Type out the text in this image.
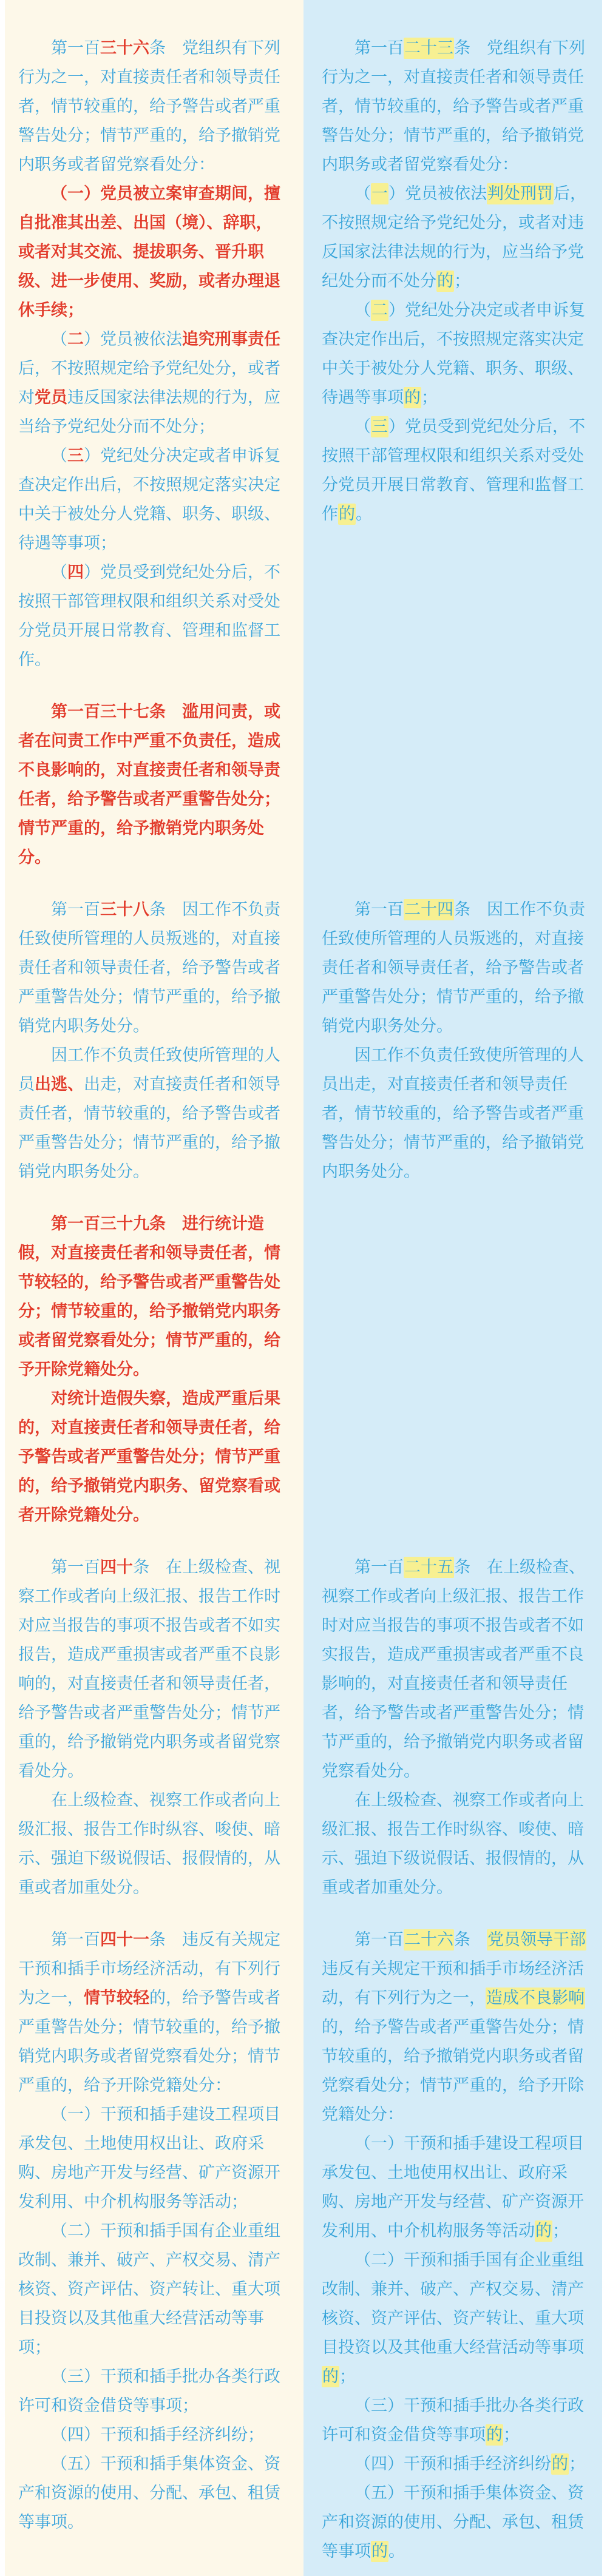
第一百三十六条　党组织有下列行为之一，对直接责任者和领导责任者，情节较重的，给予警告或者严重警告处分；情节严重的，给予撤销党内职务或者留党察看处分：

（一）党员被立案审查期间，擅自批准其出差、出国（境）、辞职，或者对其交流、提拔职务、晋升职级、进一步使用、奖励，或者办理退休手续；

（二）党员被依法追究刑事责任后，不按照规定给予党纪处分，或者对党员违反国家法律法规的行为，应当给予党纪处分而不处分；

（三）党纪处分决定或者申诉复查决定作出后，不按照规定落实决定中关于被处分人党籍、职务、职级、待遇等事项；

（四）党员受到党纪处分后，不按照干部管理权限和组织关系对受处分党员开展日常教育、管理和监督工作。

第一百二十三条　党组织有下列行为之一，对直接责任者和领导责任者，情节较重的，给予警告或者严重警告处分；情节严重的，给予撤销党内职务或者留党察看处分：

（一）党员被依法判处刑罚后，不按照规定给予党纪处分，或者对违反国家法律法规的行为，应当给予党纪处分而不处分的；

（二）党纪处分决定或者申诉复查决定作出后，不按照规定落实决定中关于被处分人党籍、职务、职级、待遇等事项的；

（三）党员受到党纪处分后，不按照干部管理权限和组织关系对受处分党员开展日常教育、管理和监督工作的。

第一百三十七条　滥用问责，或者在问责工作中严重不负责任，造成不良影响的，对直接责任者和领导责任者，给予警告或者严重警告处分；情节严重的，给予撤销党内职务处分。

第一百三十八条　因工作不负责任致使所管理的人员叛逃的，对直接责任者和领导责任者，给予警告或者严重警告处分；情节严重的，给予撤销党内职务处分。

因工作不负责任致使所管理的人员出逃、出走，对直接责任者和领导责任者，情节较重的，给予警告或者严重警告处分；情节严重的，给予撤销党内职务处分。

第一百二十四条　因工作不负责任致使所管理的人员叛逃的，对直接责任者和领导责任者，给予警告或者严重警告处分；情节严重的，给予撤销党内职务处分。

因工作不负责任致使所管理的人员出走，对直接责任者和领导责任者，情节较重的，给予警告或者严重警告处分；情节严重的，给予撤销党内职务处分。

第一百三十九条　进行统计造假，对直接责任者和领导责任者，情节较轻的，给予警告或者严重警告处分；情节较重的，给予撤销党内职务或者留党察看处分；情节严重的，给予开除党籍处分。

对统计造假失察，造成严重后果的，对直接责任者和领导责任者，给予警告或者严重警告处分；情节严重的，给予撤销党内职务、留党察看或者开除党籍处分。

第一百四十条　在上级检查、视察工作或者向上级汇报、报告工作时对应当报告的事项不报告或者不如实报告，造成严重损害或者严重不良影响的，对直接责任者和领导责任者，给予警告或者严重警告处分；情节严重的，给予撤销党内职务或者留党察看处分。

在上级检查、视察工作或者向上级汇报、报告工作时纵容、唆使、暗示、强迫下级说假话、报假情的，从重或者加重处分。

第一百二十五条　在上级检查、视察工作或者向上级汇报、报告工作时对应当报告的事项不报告或者不如实报告，造成严重损害或者严重不良影响的，对直接责任者和领导责任者，给予警告或者严重警告处分；情节严重的，给予撤销党内职务或者留党察看处分。

在上级检查、视察工作或者向上级汇报、报告工作时纵容、唆使、暗示、强迫下级说假话、报假情的，从重或者加重处分。

第一百四十一条　违反有关规定干预和插手市场经济活动，有下列行为之一，情节较轻的，给予警告或者严重警告处分；情节较重的，给予撤销党内职务或者留党察看处分；情节严重的，给予开除党籍处分：

（一）干预和插手建设工程项目承发包、土地使用权出让、政府采购、房地产开发与经营、矿产资源开发利用、中介机构服务等活动；

（二）干预和插手国有企业重组改制、兼并、破产、产权交易、清产核资、资产评估、资产转让、重大项目投资以及其他重大经营活动等事项；

（三）干预和插手批办各类行政许可和资金借贷等事项；

（四）干预和插手经济纠纷；

（五）干预和插手集体资金、资产和资源的使用、分配、承包、租赁等事项。

第一百二十六条　党员领导干部违反有关规定干预和插手市场经济活动，有下列行为之一，造成不良影响的，给予警告或者严重警告处分；情节较重的，给予撤销党内职务或者留党察看处分；情节严重的，给予开除党籍处分：

（一）干预和插手建设工程项目承发包、土地使用权出让、政府采购、房地产开发与经营、矿产资源开发利用、中介机构服务等活动的；

（二）干预和插手国有企业重组改制、兼并、破产、产权交易、清产核资、资产评估、资产转让、重大项目投资以及其他重大经营活动等事项的；

（三）干预和插手批办各类行政许可和资金借贷等事项的；

（四）干预和插手经济纠纷的；

（五）干预和插手集体资金、资产和资源的使用、分配、承包、租赁等事项的。
